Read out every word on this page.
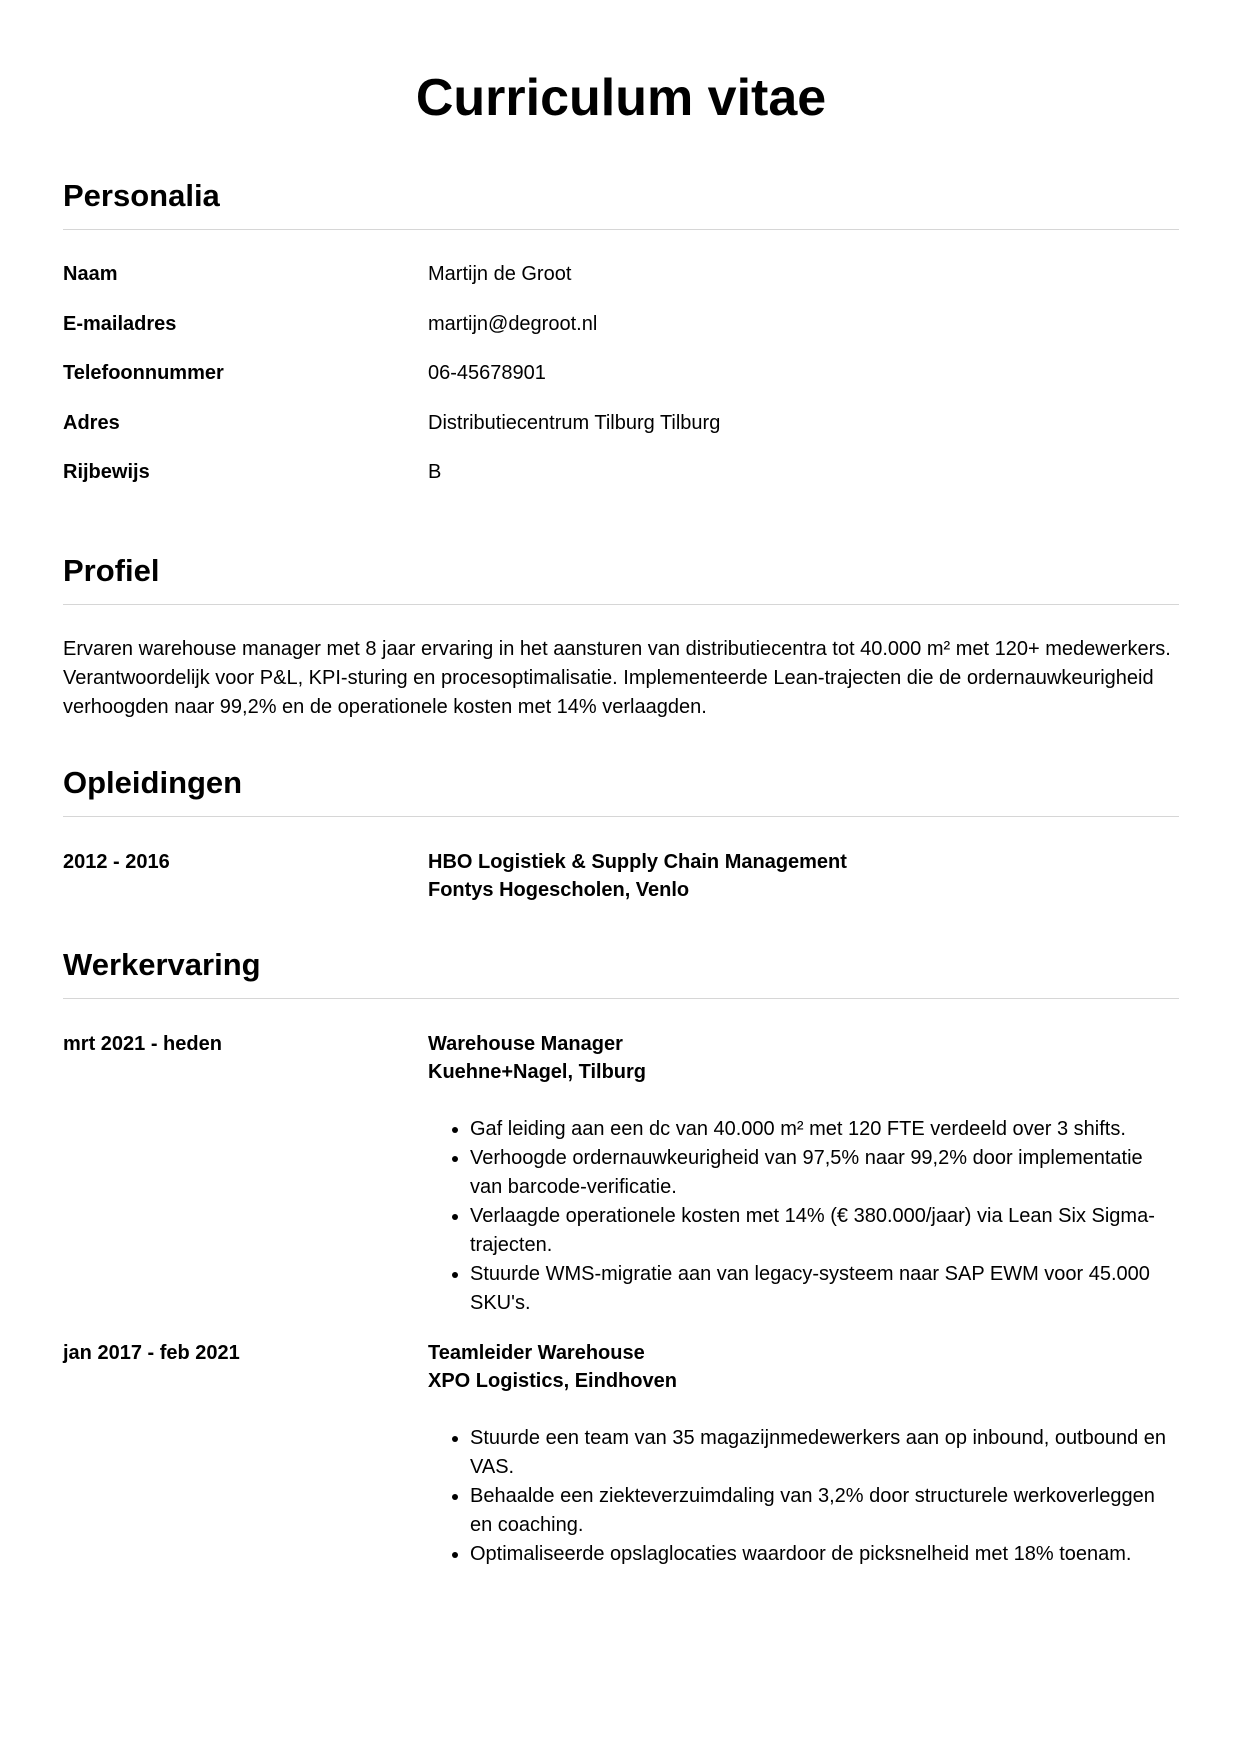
Curriculum vitae
Personalia
Naam	Martijn de Groot
E-mailadres	martijn@degroot.nl
Telefoonnummer	06-45678901
Adres	Distributiecentrum Tilburg Tilburg
Rijbewijs	B
Profiel

Ervaren warehouse manager met 8 jaar ervaring in het aansturen van distributiecentra tot 40.000 m² met 120+ medewerkers. Verantwoordelijk voor P&L, KPI-sturing en procesoptimalisatie. Implementeerde Lean-trajecten die de ordernauwkeurigheid verhoogden naar 99,2% en de operationele kosten met 14% verlaagden.

Opleidingen
2012 - 2016	HBO Logistiek & Supply Chain Management
Fontys Hogescholen, Venlo
Werkervaring
mrt 2021 - heden	Warehouse Manager
Kuehne+Nagel, Tilburg
• Gaf leiding aan een dc van 40.000 m² met 120 FTE verdeeld over 3 shifts.
• Verhoogde ordernauwkeurigheid van 97,5% naar 99,2% door implementatie van barcode-verificatie.
• Verlaagde operationele kosten met 14% (€ 380.000/jaar) via Lean Six Sigma-trajecten.
• Stuurde WMS-migratie aan van legacy-systeem naar SAP EWM voor 45.000 SKU's.
jan 2017 - feb 2021	Teamleider Warehouse
XPO Logistics, Eindhoven
• Stuurde een team van 35 magazijnmedewerkers aan op inbound, outbound en VAS.
• Behaalde een ziekteverzuimdaling van 3,2% door structurele werkoverleggen en coaching.
• Optimaliseerde opslaglocaties waardoor de picksnelheid met 18% toenam.
